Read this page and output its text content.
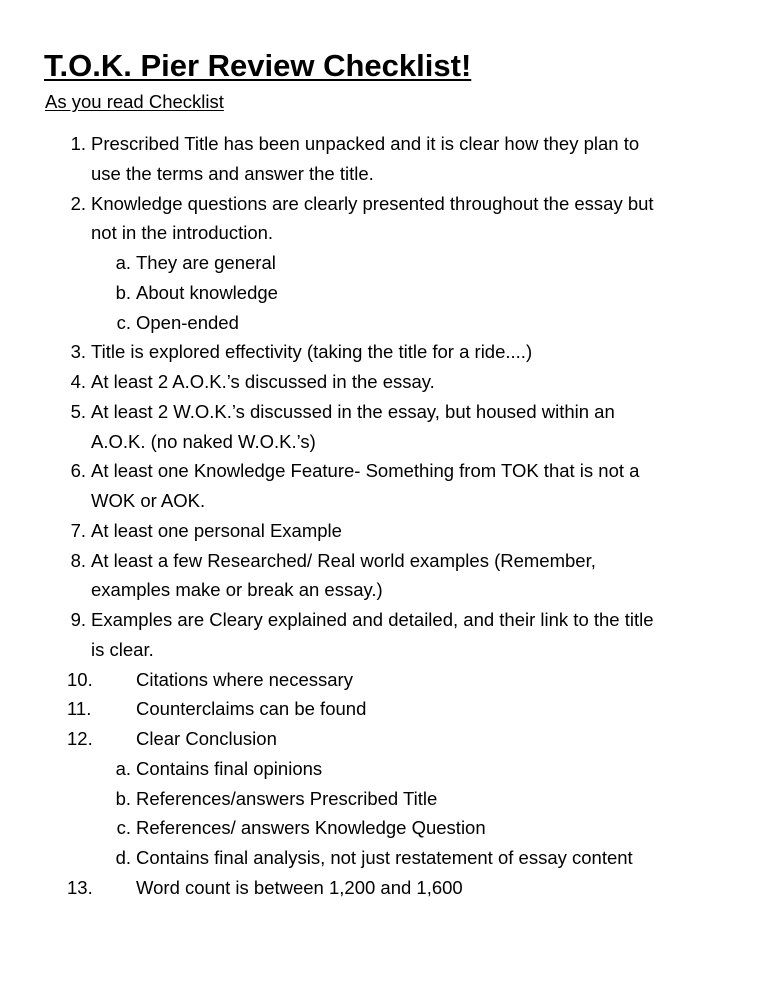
T.O.K. Pier Review Checklist!
As you read Checklist
1. Prescribed Title has been unpacked and it is clear how they plan to
use the terms and answer the title.
2. Knowledge questions are clearly presented throughout the essay but
not in the introduction.
a. They are general
b. About knowledge
c. Open-ended
3. Title is explored effectivity (taking the title for a ride....)
4. At least 2 A.O.K.’s discussed in the essay.
5. At least 2 W.O.K.’s discussed in the essay, but housed within an
A.O.K. (no naked W.O.K.’s)
6. At least one Knowledge Feature- Something from TOK that is not a
WOK or AOK.
7. At least one personal Example
8. At least a few Researched/ Real world examples (Remember,
examples make or break an essay.)
9. Examples are Cleary explained and detailed, and their link to the title
is clear.
10. Citations where necessary
11. Counterclaims can be found
12. Clear Conclusion
a. Contains final opinions
b. References/answers Prescribed Title
c. References/ answers Knowledge Question
d. Contains final analysis, not just restatement of essay content
13. Word count is between 1,200 and 1,600
